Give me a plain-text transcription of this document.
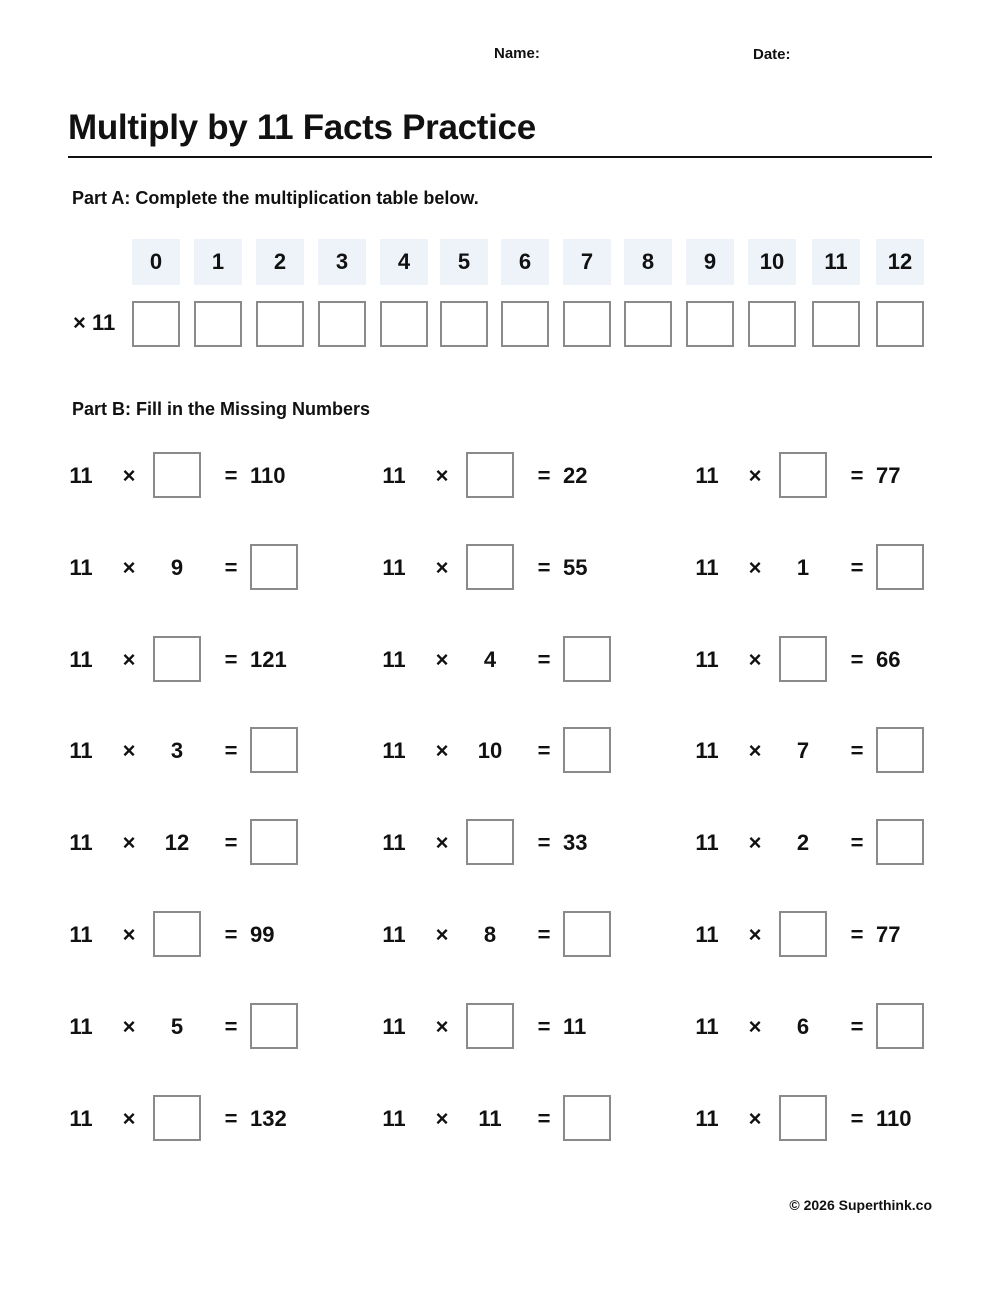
Name:	Date:
Multiply by 11 Facts Practice
Part A: Complete the multiplication table below.
0	1	2	3	4	5	6	7	8	9	10	11	12
× 11
Part B: Fill in the Missing Numbers
11 ×	= 110	11 ×	= 22	11 ×	= 77
11 ×	9	=	11 ×	= 55	11 ×	1	=
11 ×	= 121	11 ×	4	=	11 ×	= 66
11 ×	3	=	11 ×	10	=	11 ×	7	=
11 ×	12	=	11 ×	= 33	11 ×	2	=
11 ×	= 99	11 ×	8	=	11 ×	= 77
11 ×	5	=	11 ×	= 11	11 ×	6	=
11 ×	= 132	11 ×	11	=	11 ×	= 110
© 2026 Superthink.co
